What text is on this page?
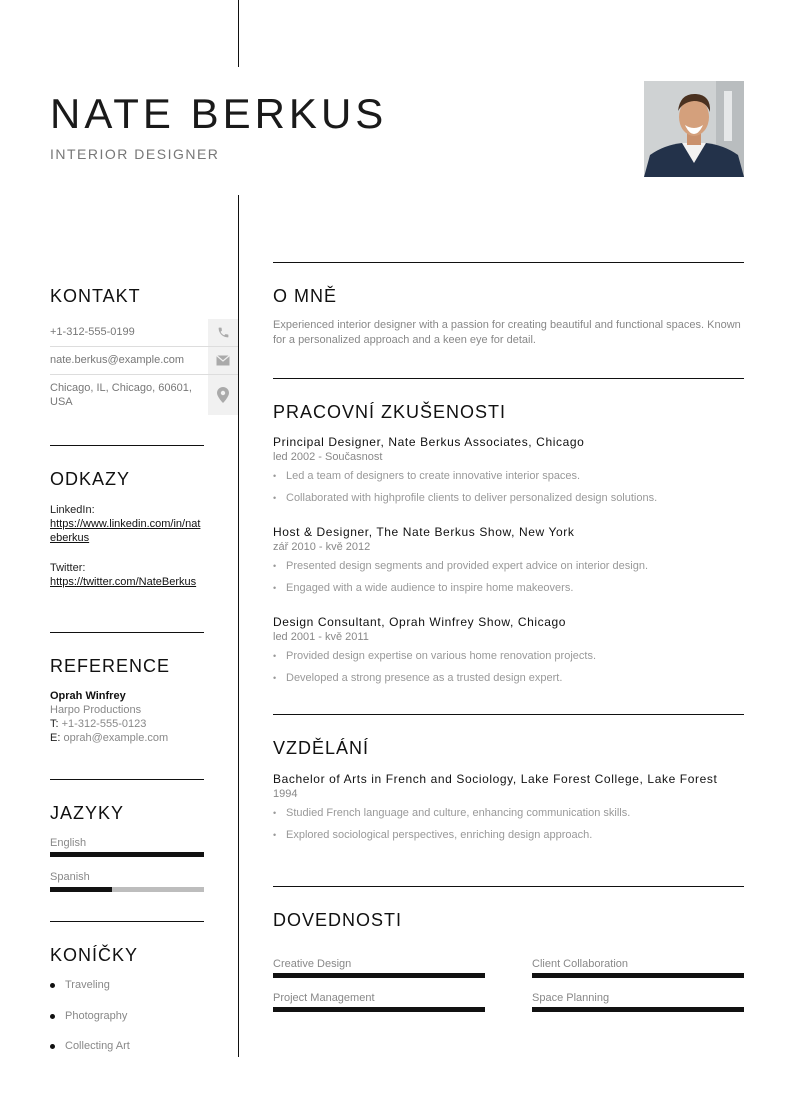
NATE BERKUS
INTERIOR DESIGNER
KONTAKT
+1-312-555-0199
nate.berkus@example.com
Chicago, IL, Chicago, 60601, USA
ODKAZY
LinkedIn:
https://www.linkedin.com/in/nateberkus
Twitter:
https://twitter.com/NateBerkus
REFERENCE
Oprah Winfrey
Harpo Productions
T: +1-312-555-0123
E: oprah@example.com
JAZYKY
English
Spanish
KONÍČKY
Traveling
Photography
Collecting Art
O MNĚ
Experienced interior designer with a passion for creating beautiful and functional spaces. Known for a personalized approach and a keen eye for detail.
PRACOVNÍ ZKUŠENOSTI
Principal Designer, Nate Berkus Associates, Chicago
led 2002 - Současnost
• Led a team of designers to create innovative interior spaces.
• Collaborated with highprofile clients to deliver personalized design solutions.
Host & Designer, The Nate Berkus Show, New York
zář 2010 - kvě 2012
• Presented design segments and provided expert advice on interior design.
• Engaged with a wide audience to inspire home makeovers.
Design Consultant, Oprah Winfrey Show, Chicago
led 2001 - kvě 2011
• Provided design expertise on various home renovation projects.
• Developed a strong presence as a trusted design expert.
VZDĚLÁNÍ
Bachelor of Arts in French and Sociology, Lake Forest College, Lake Forest
1994
• Studied French language and culture, enhancing communication skills.
• Explored sociological perspectives, enriching design approach.
DOVEDNOSTI
Creative Design	Client Collaboration
Project Management	Space Planning
